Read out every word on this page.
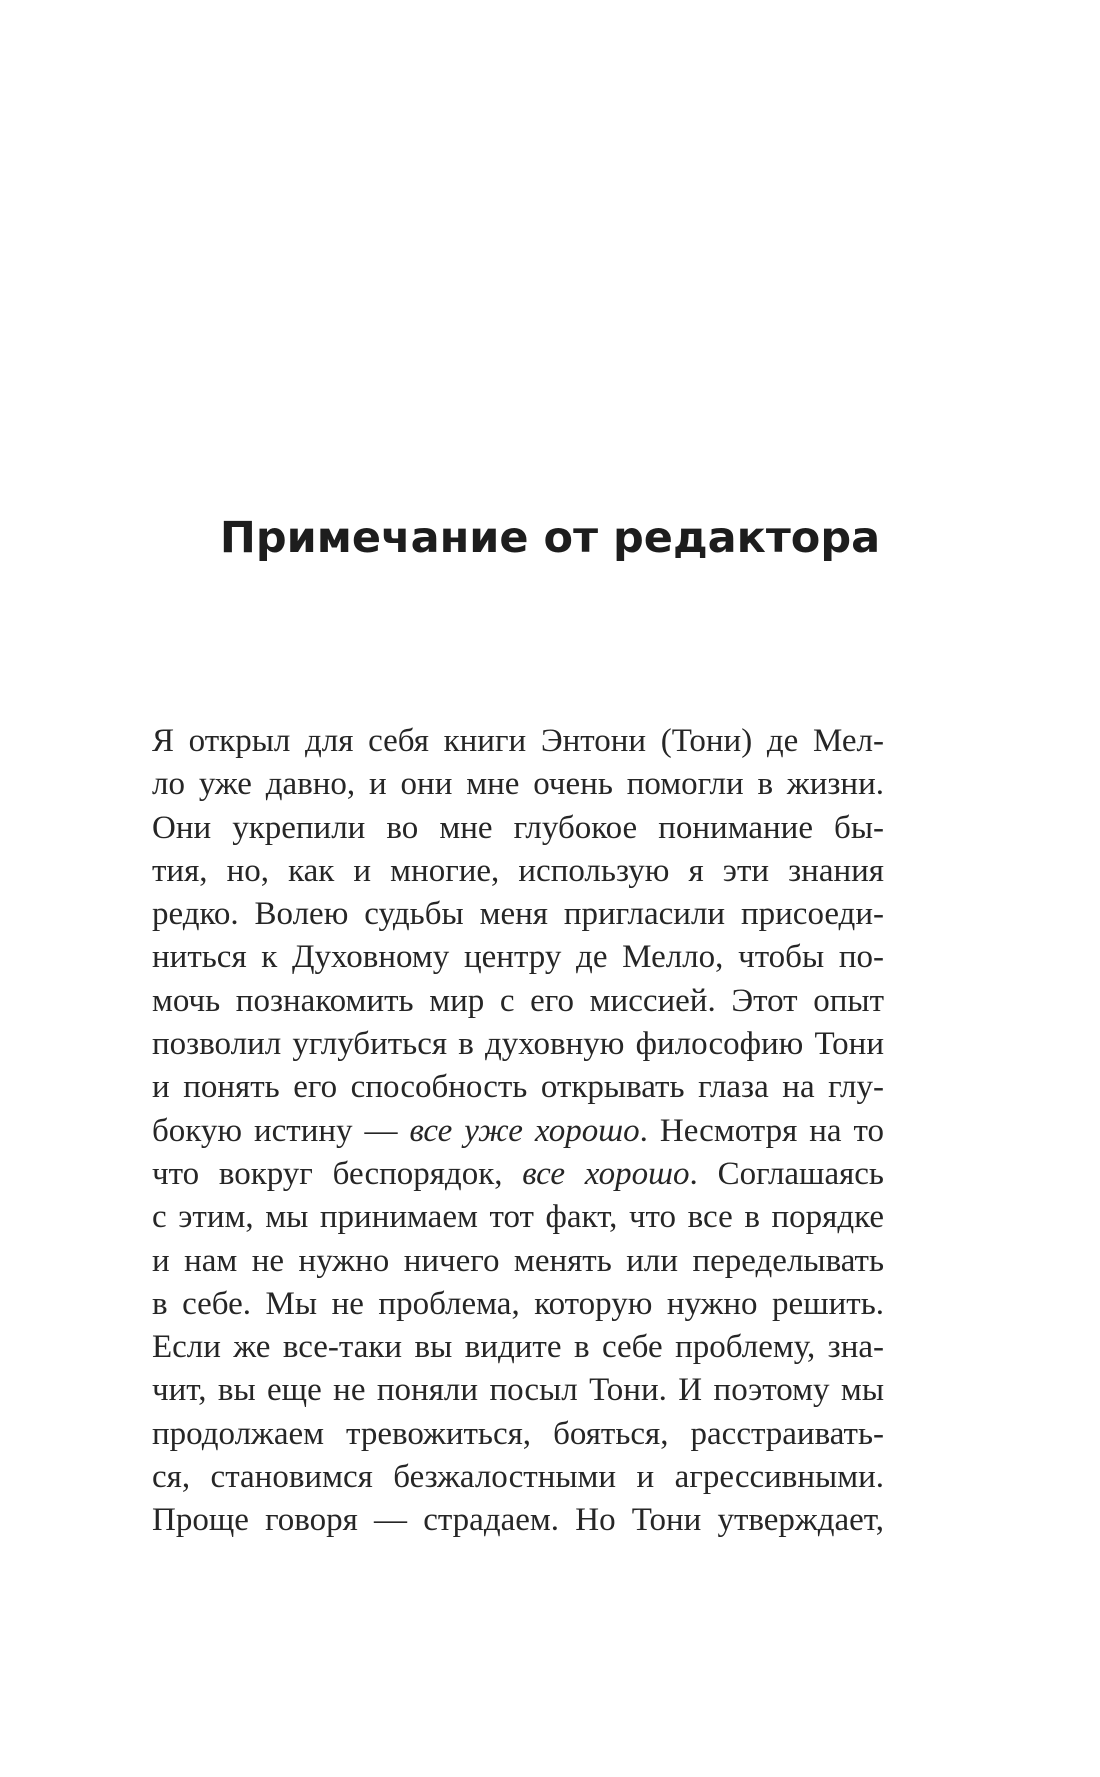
Примечание от редактора
Я открыл для себя книги Энтони (Тони) де Мел-
ло уже давно, и они мне очень помогли в жизни.
Они укрепили во мне глубокое понимание бы-
тия, но, как и многие, использую я эти знания
редко. Волею судьбы меня пригласили присоеди-
ниться к Духовному центру де Мелло, чтобы по-
мочь познакомить мир с его миссией. Этот опыт
позволил углубиться в духовную философию Тони
и понять его способность открывать глаза на глу-
бокую истину — все уже хорошо. Несмотря на то
что вокруг беспорядок, все хорошо. Соглашаясь
с этим, мы принимаем тот факт, что все в порядке
и нам не нужно ничего менять или переделывать
в себе. Мы не проблема, которую нужно решить.
Если же все-таки вы видите в себе проблему, зна-
чит, вы еще не поняли посыл Тони. И поэтому мы
продолжаем тревожиться, бояться, расстраивать-
ся, становимся безжалостными и агрессивными.
Проще говоря — страдаем. Но Тони утверждает,
